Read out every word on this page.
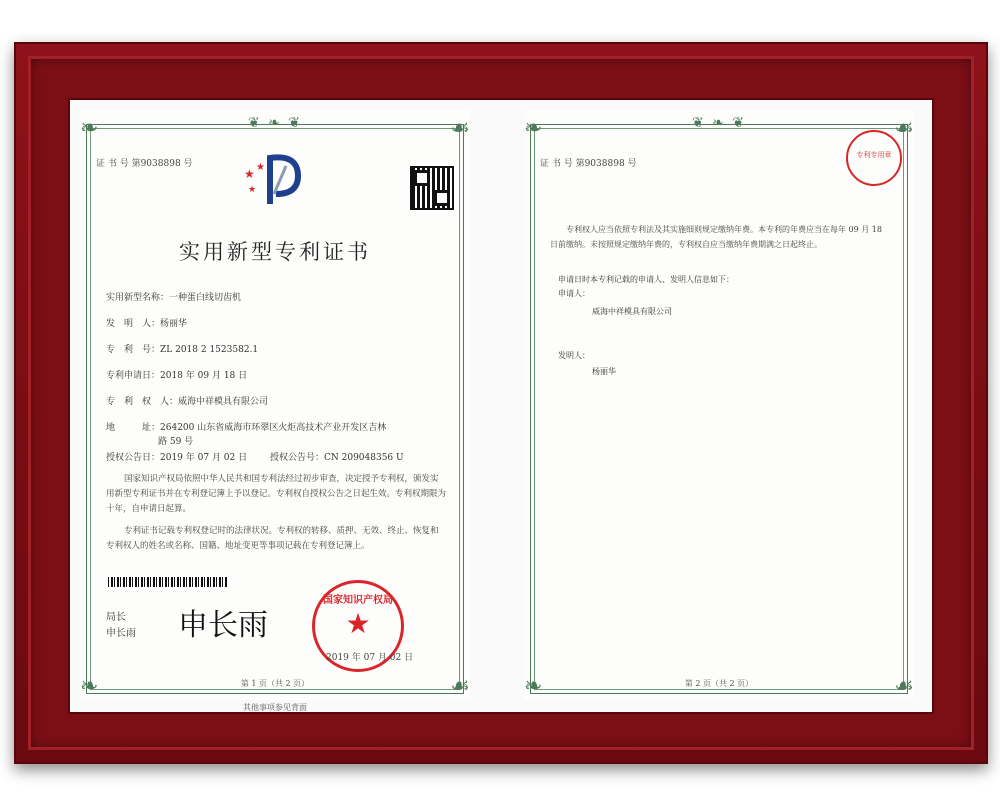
❦ ❧ ❦
❧	☙
❧	☙
证 书 号 第9038898 号
★ ★
★
实用新型专利证书
实用新型名称：一种蛋白线切齿机
发　明　人：杨丽华
专　利　号：ZL 2018 2 1523582.1
专利申请日：2018 年 09 月 18 日
专　利　权　人：威海中祥模具有限公司
地　　　址：264200 山东省威海市环翠区火炬高技术产业开发区吉林
路 59 号
授权公告日：2019 年 07 月 02 日	授权公告号：CN 209048356 U
国家知识产权局依照中华人民共和国专利法经过初步审查，决定授予专利权，颁发实用新型专利证书并在专利登记簿上予以登记。专利权自授权公告之日起生效。专利权期限为十年，自申请日起算。
专利证书记载专利权登记时的法律状况。专利权的转移、质押、无效、终止、恢复和专利权人的姓名或名称、国籍、地址变更等事项记载在专利登记簿上。
局长
申长雨 申长雨
国家知识产权局
★
2019 年 07 月 02 日
第 1 页（共 2 页）
其他事项参见背面
❦ ❧ ❦
❧	☙
❧	☙
证 书 号 第9038898 号
专利专用章
专利权人应当依照专利法及其实施细则规定缴纳年费。本专利的年费应当在每年 09 月 18 日前缴纳。未按照规定缴纳年费的，专利权自应当缴纳年费期满之日起终止。
申请日时本专利记载的申请人、发明人信息如下：
申请人：
威海中祥模具有限公司
发明人：
杨丽华
第 2 页（共 2 页）
